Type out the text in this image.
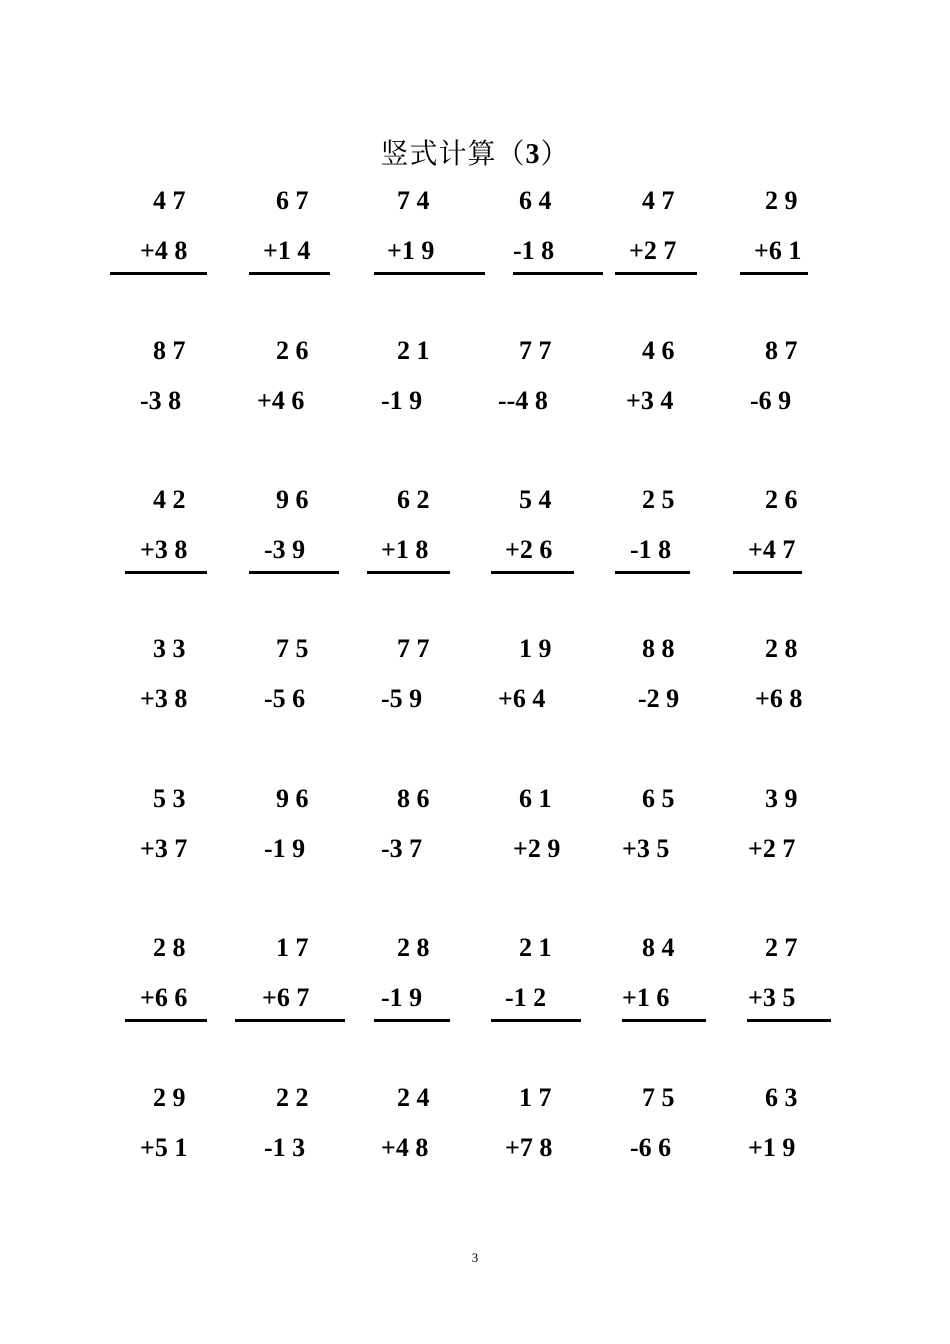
竖式计算（3）
4 7
+4 8
6 7
+1 4
7 4
+1 9
6 4
-1 8
4 7
+2 7
2 9
+6 1
8 7
-3 8
2 6
+4 6
2 1
-1 9
7 7
--4 8
4 6
+3 4
8 7
-6 9
4 2
+3 8
9 6
-3 9
6 2
+1 8
5 4
+2 6
2 5
-1 8
2 6
+4 7
3 3
+3 8
7 5
-5 6
7 7
-5 9
1 9
+6 4
8 8
-2 9
2 8
+6 8
5 3
+3 7
9 6
-1 9
8 6
-3 7
6 1
+2 9
6 5
+3 5
3 9
+2 7
2 8
+6 6
1 7
+6 7
2 8
-1 9
2 1
-1 2
8 4
+1 6
2 7
+3 5
2 9
+5 1
2 2
-1 3
2 4
+4 8
1 7
+7 8
7 5
-6 6
6 3
+1 9
3
